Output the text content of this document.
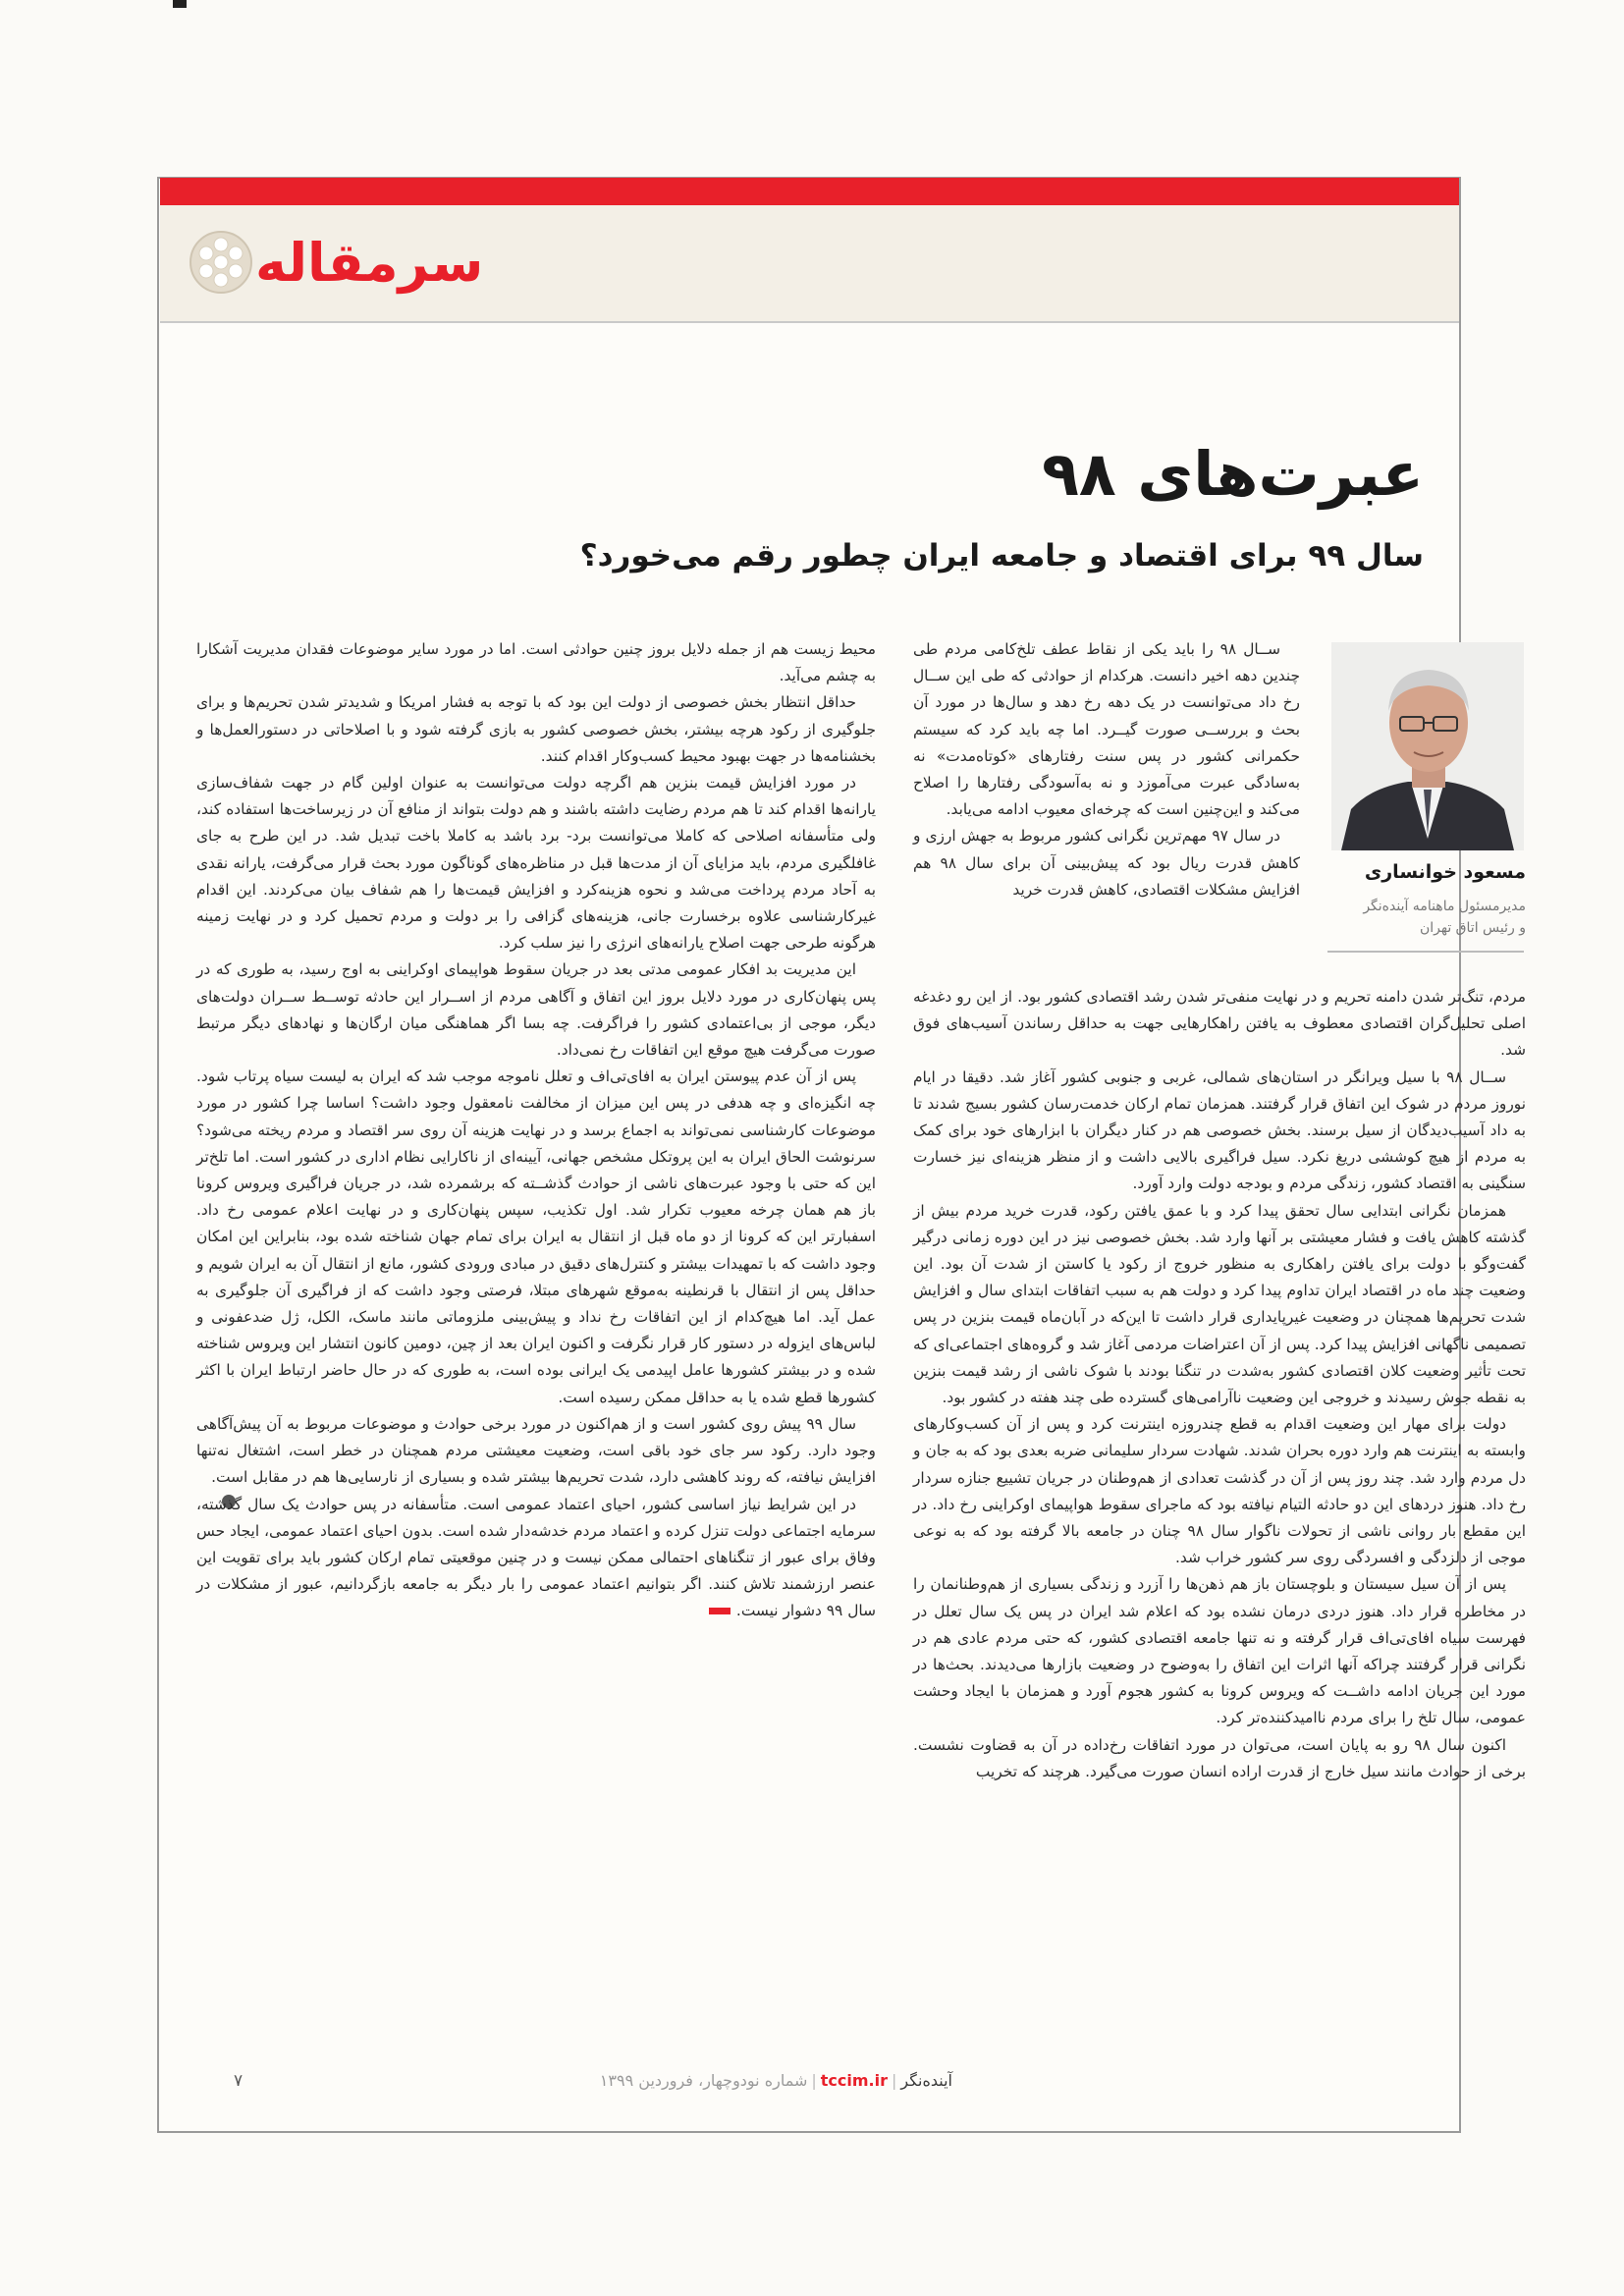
سرمقاله
عبرت‌های ۹۸
سال ۹۹ برای اقتصاد و جامعه ایران چطور رقم می‌خورد؟
مسعود خوانساری
مدیرمسئول ماهنامه آینده‌نگر
و رئیس اتاق تهران

ســال ۹۸ را باید یکی از نقاط عطف تلخ‌کامی مردم طی چندین دهه اخیر دانست. هرکدام از حوادثی که طی این ســال رخ داد می‌توانست در یک دهه رخ دهد و سال‌ها در مورد آن بحث و بررســی صورت گیــرد. اما چه باید کرد که سیستم حکمرانی کشور در پس سنت رفتارهای «کوتاه‌مدت» نه به‌سادگی عبرت می‌آموزد و نه به‌آسودگی رفتارها را اصلاح می‌کند و این‌چنین است که چرخه‌ای معیوب ادامه می‌یابد.

در سال ۹۷ مهم‌ترین نگرانی کشور مربوط به جهش ارزی و کاهش قدرت ریال بود که پیش‌بینی آن برای سال ۹۸ هم افزایش مشکلات اقتصادی، کاهش قدرت خرید

مردم، تنگ‌تر شدن دامنه تحریم و در نهایت منفی‌تر شدن رشد اقتصادی کشور بود. از این رو دغدغه اصلی تحلیل‌گران اقتصادی معطوف به یافتن راهکارهایی جهت به حداقل رساندن آسیب‌های فوق شد.

ســال ۹۸ با سیل ویرانگر در استان‌های شمالی، غربی و جنوبی کشور آغاز شد. دقیقا در ایام نوروز مردم در شوک این اتفاق قرار گرفتند. همزمان تمام ارکان خدمت‌رسان کشور بسیج شدند تا به داد آسیب‌دیدگان از سیل برسند. بخش خصوصی هم در کنار دیگران با ابزارهای خود برای کمک به مردم از هیچ کوششی دریغ نکرد. سیل فراگیری بالایی داشت و از منظر هزینه‌ای نیز خسارت سنگینی به اقتصاد کشور، زندگی مردم و بودجه دولت وارد آورد.

همزمان نگرانی ابتدایی سال تحقق پیدا کرد و با عمق یافتن رکود، قدرت خرید مردم بیش از گذشته کاهش یافت و فشار معیشتی بر آنها وارد شد. بخش خصوصی نیز در این دوره زمانی درگیر گفت‌وگو با دولت برای یافتن راهکاری به منظور خروج از رکود یا کاستن از شدت آن بود. این وضعیت چند ماه در اقتصاد ایران تداوم پیدا کرد و دولت هم به سبب اتفاقات ابتدای سال و افزایش شدت تحریم‌ها همچنان در وضعیت غیرپایداری قرار داشت تا این‌که در آبان‌ماه قیمت بنزین در پس تصمیمی ناگهانی افزایش پیدا کرد. پس از آن اعتراضات مردمی آغاز شد و گروه‌های اجتماعی‌ای که تحت تأثیر وضعیت کلان اقتصادی کشور به‌شدت در تنگنا بودند با شوک ناشی از رشد قیمت بنزین به نقطه جوش رسیدند و خروجی این وضعیت ناآرامی‌های گسترده طی چند هفته در کشور بود.

دولت برای مهار این وضعیت اقدام به قطع چندروزه اینترنت کرد و پس از آن کسب‌وکارهای وابسته به اینترنت هم وارد دوره بحران شدند. شهادت سردار سلیمانی ضربه بعدی بود که به جان و دل مردم وارد شد. چند روز پس از آن در گذشت تعدادی از هم‌وطنان در جریان تشییع جنازه سردار رخ داد. هنوز دردهای این دو حادثه التیام نیافته بود که ماجرای سقوط هواپیمای اوکراینی رخ داد. در این مقطع بار روانی ناشی از تحولات ناگوار سال ۹۸ چنان در جامعه بالا گرفته بود که به نوعی موجی از دلزدگی و افسردگی روی سر کشور خراب شد.

پس از آن سیل سیستان و بلوچستان باز هم ذهن‌ها را آزرد و زندگی بسیاری از هم‌وطنانمان را در مخاطره قرار داد. هنوز دردی درمان نشده بود که اعلام شد ایران در پس یک سال تعلل در فهرست سیاه افای‌تی‌اف قرار گرفته و نه تنها جامعه اقتصادی کشور، که حتی مردم عادی هم در نگرانی قرار گرفتند چراکه آنها اثرات این اتفاق را به‌وضوح در وضعیت بازارها می‌دیدند. بحث‌ها در مورد این جریان ادامه داشــت که ویروس کرونا به کشور هجوم آورد و همزمان با ایجاد وحشت عمومی، سال تلخ را برای مردم ناامیدکننده‌تر کرد.

اکنون سال ۹۸ رو به پایان است، می‌توان در مورد اتفاقات رخ‌داده در آن به قضاوت نشست. برخی از حوادث مانند سیل خارج از قدرت اراده انسان صورت می‌گیرد. هرچند که تخریب

محیط زیست هم از جمله دلایل بروز چنین حوادثی است. اما در مورد سایر موضوعات فقدان مدیریت آشکارا به چشم می‌آید.

حداقل انتظار بخش خصوصی از دولت این بود که با توجه به فشار امریکا و شدیدتر شدن تحریم‌ها و برای جلوگیری از رکود هرچه بیشتر، بخش خصوصی کشور به بازی گرفته شود و با اصلاحاتی در دستورالعمل‌ها و بخشنامه‌ها در جهت بهبود محیط کسب‌وکار اقدام کنند.

در مورد افزایش قیمت بنزین هم اگرچه دولت می‌توانست به عنوان اولین گام در جهت شفاف‌سازی یارانه‌ها اقدام کند تا هم مردم رضایت داشته باشند و هم دولت بتواند از منافع آن در زیرساخت‌ها استفاده کند، ولی متأسفانه اصلاحی که کاملا می‌توانست برد- برد باشد به کاملا باخت تبدیل شد. در این طرح به جای غافلگیری مردم، باید مزایای آن از مدت‌ها قبل در مناظره‌های گوناگون مورد بحث قرار می‌گرفت، یارانه نقدی به آحاد مردم پرداخت می‌شد و نحوه هزینه‌کرد و افزایش قیمت‌ها را هم شفاف بیان می‌کردند. این اقدام غیرکارشناسی علاوه برخسارت جانی، هزینه‌های گزافی را بر دولت و مردم تحمیل کرد و در نهایت زمینه هرگونه طرحی جهت اصلاح یارانه‌های انرژی را نیز سلب کرد.

این مدیریت بد افکار عمومی مدتی بعد در جریان سقوط هواپیمای اوکراینی به اوج رسید، به طوری که در پس پنهان‌کاری در مورد دلایل بروز این اتفاق و آگاهی مردم از اســرار این حادثه توســط ســران دولت‌های دیگر، موجی از بی‌اعتمادی کشور را فراگرفت. چه بسا اگر هماهنگی میان ارگان‌ها و نهادهای دیگر مرتبط صورت می‌گرفت هیچ موقع این اتفاقات رخ نمی‌داد.

پس از آن عدم پیوستن ایران به افای‌تی‌اف و تعلل ناموجه موجب شد که ایران به لیست سیاه پرتاب شود. چه انگیزه‌ای و چه هدفی در پس این میزان از مخالفت نامعقول وجود داشت؟ اساسا چرا کشور در مورد موضوعات کارشناسی نمی‌تواند به اجماع برسد و در نهایت هزینه آن روی سر اقتصاد و مردم ریخته می‌شود؟ سرنوشت الحاق ایران به این پروتکل مشخص جهانی، آیینه‌ای از ناکارایی نظام اداری در کشور است. اما تلخ‌تر این که حتی با وجود عبرت‌های ناشی از حوادث گذشــته که برشمرده شد، در جریان فراگیری ویروس کرونا باز هم همان چرخه معیوب تکرار شد. اول تکذیب، سپس پنهان‌کاری و در نهایت اعلام عمومی رخ داد. اسفبارتر این که کرونا از دو ماه قبل از انتقال به ایران برای تمام جهان شناخته شده بود، بنابراین این امکان وجود داشت که با تمهیدات بیشتر و کنترل‌های دقیق در مبادی ورودی کشور، مانع از انتقال آن به ایران شویم و حداقل پس از انتقال با قرنطینه به‌موقع شهرهای مبتلا، فرصتی وجود داشت که از فراگیری آن جلوگیری به عمل آید. اما هیچ‌کدام از این اتفاقات رخ نداد و پیش‌بینی ملزوماتی مانند ماسک، الکل، ژل ضدعفونی و لباس‌های ایزوله در دستور کار قرار نگرفت و اکنون ایران بعد از چین، دومین کانون انتشار این ویروس شناخته شده و در بیشتر کشورها عامل اپیدمی یک ایرانی بوده است، به طوری که در حال حاضر ارتباط ایران با اکثر کشورها قطع شده یا به حداقل ممکن رسیده است.

سال ۹۹ پیش روی کشور است و از هم‌اکنون در مورد برخی حوادث و موضوعات مربوط به آن پیش‌آگاهی وجود دارد. رکود سر جای خود باقی است، وضعیت معیشتی مردم همچنان در خطر است، اشتغال نه‌تنها افزایش نیافته، که روند کاهشی دارد، شدت تحریم‌ها بیشتر شده و بسیاری از نارسایی‌ها هم در مقابل است.

در این شرایط نیاز اساسی کشور، احیای اعتماد عمومی است. متأسفانه در پس حوادث یک سال گذشته، سرمایه اجتماعی دولت تنزل کرده و اعتماد مردم خدشه‌دار شده است. بدون احیای اعتماد عمومی، ایجاد حس وفاق برای عبور از تنگناهای احتمالی ممکن نیست و در چنین موقعیتی تمام ارکان کشور باید برای تقویت این عنصر ارزشمند تلاش کنند. اگر بتوانیم اعتماد عمومی را بار دیگر به جامعه بازگردانیم، عبور از مشکلات در سال ۹۹ دشوار نیست.

آینده‌نگر|tccim.ir|شماره نودوچهار، فروردین ۱۳۹۹
۷
